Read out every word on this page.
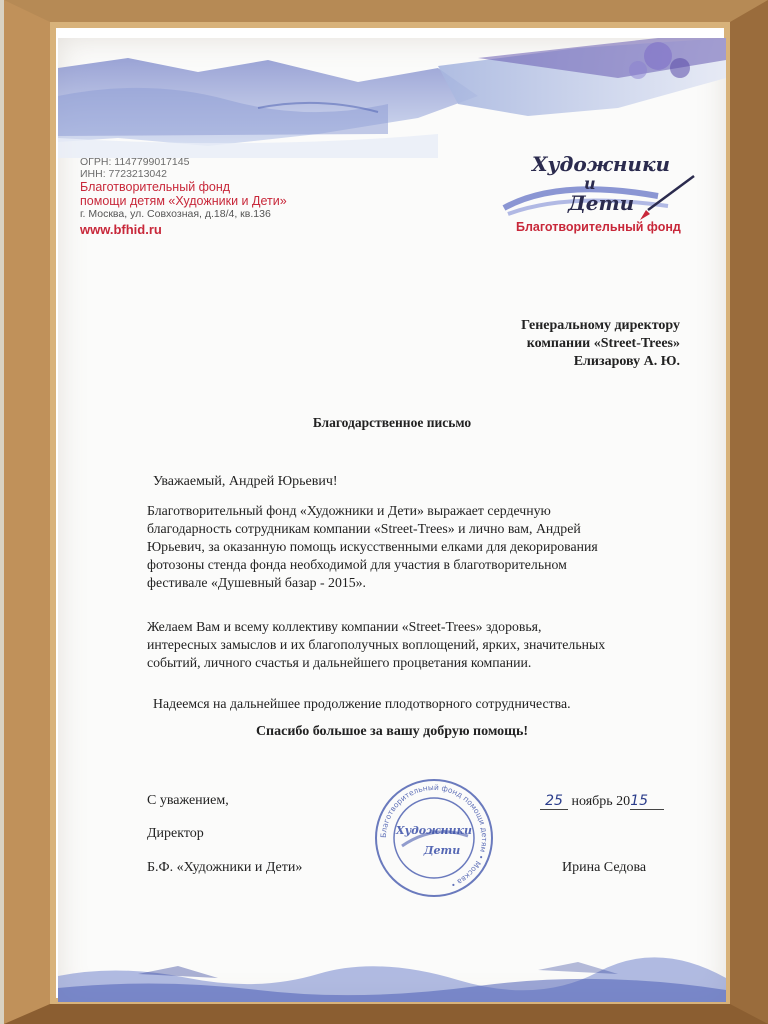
ОГРН: 1147799017145
ИНН: 7723213042
Благотворительный фонд
помощи детям «Художники и Дети»
г. Москва, ул. Совхозная, д.18/4, кв.136
www.bfhid.ru
Художники
и
Дети
Благотворительный фонд
Генеральному директору
компании «Street-Trees»
Елизарову А. Ю.
Благодарственное письмо
Уважаемый, Андрей Юрьевич!
Благотворительный фонд «Художники и Дети» выражает сердечную
благодарность сотрудникам компании «Street-Trees» и лично вам, Андрей
Юрьевич, за оказанную помощь искусственными елками для декорирования
фотозоны стенда фонда необходимой для участия в благотворительном
фестивале «Душевный базар - 2015».
Желаем Вам и всему коллективу компании «Street-Trees» здоровья,
интересных замыслов и их благополучных воплощений, ярких, значительных
событий, личного счастья и дальнейшего процветания компании.
Надеемся на дальнейшее продолжение плодотворного сотрудничества.
Спасибо большое за вашу добрую помощь!
С уважением,
Директор
Б.Ф. «Художники и Дети»
25 ноябрь 2015
Ирина Седова
Благотворительный фонд помощи детям • Москва •
Художники
Дети
